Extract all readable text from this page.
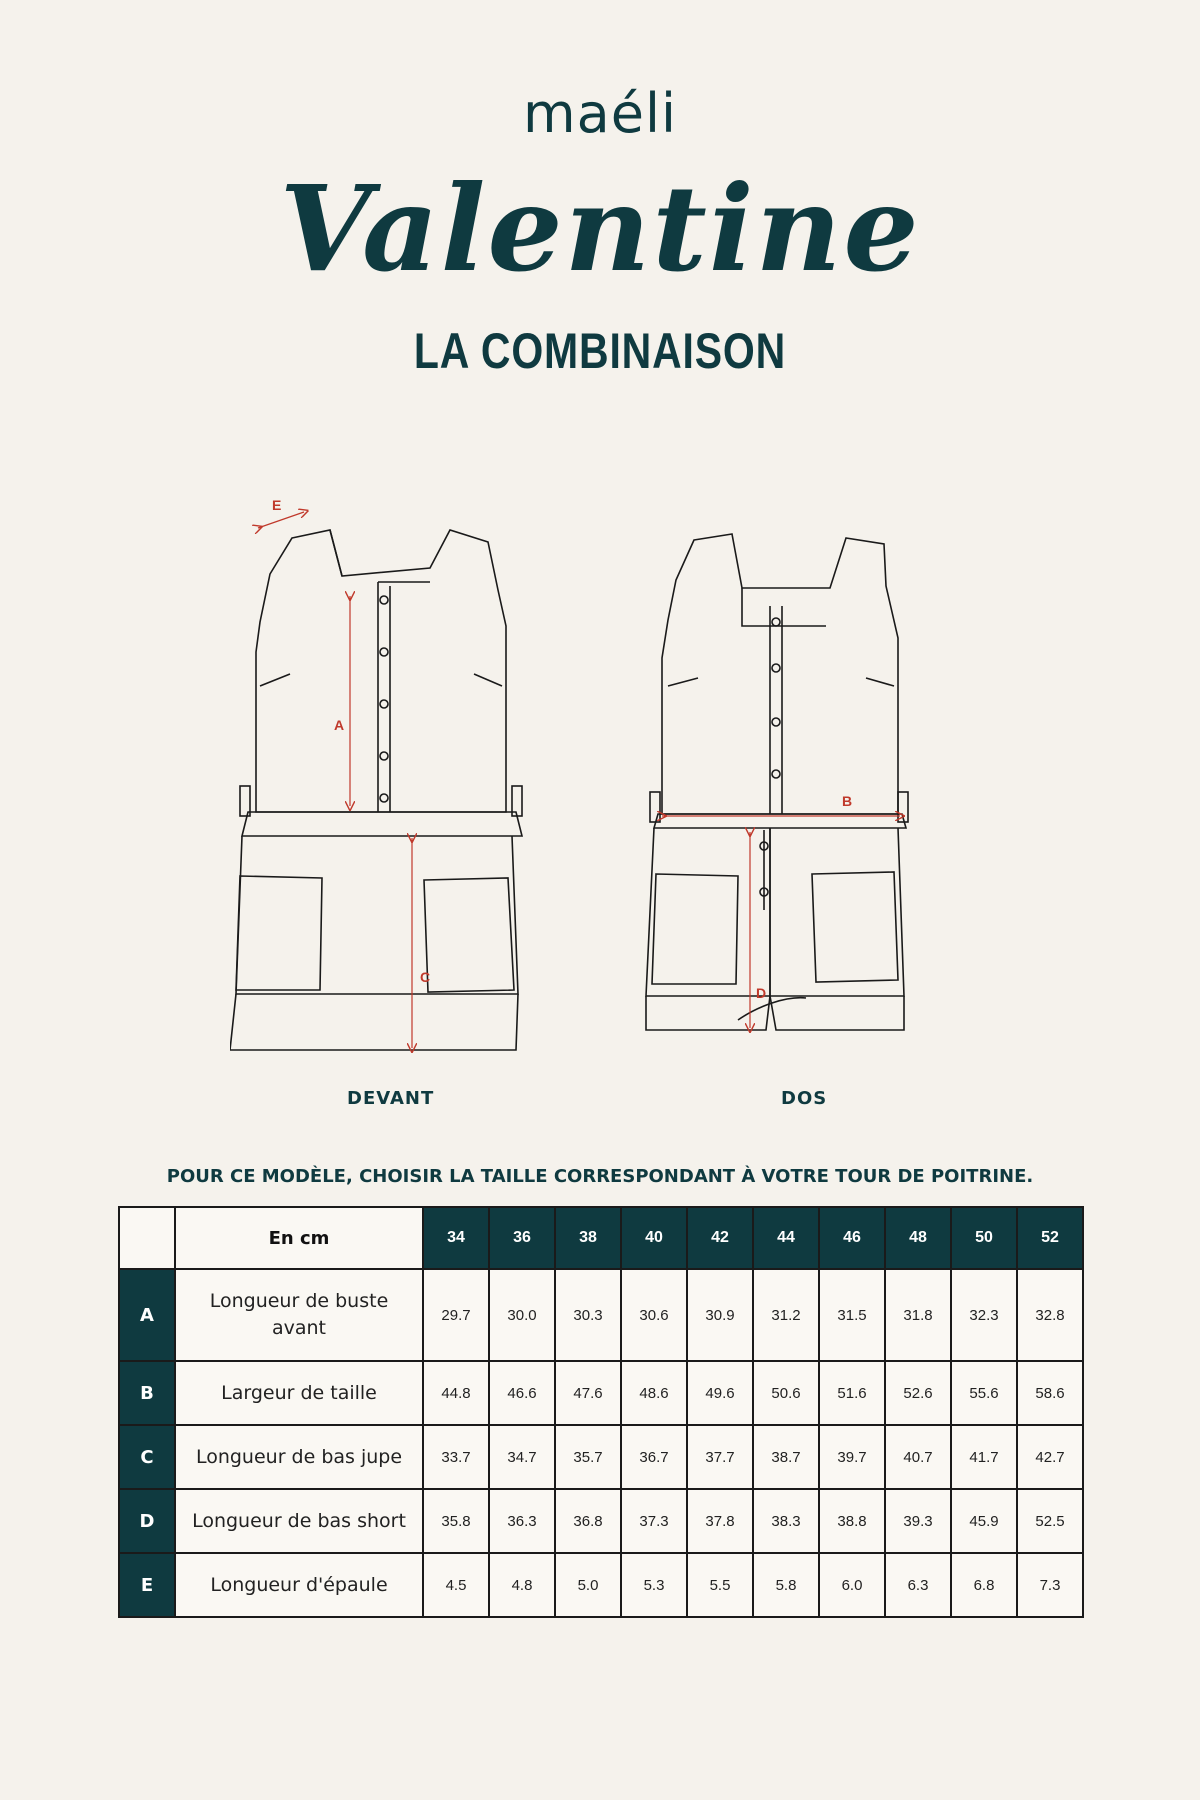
maéli
Valentine
LA COMBINAISON
E
A
C
B
D
DEVANT	DOS
POUR CE MODÈLE, CHOISIR LA TAILLE CORRESPONDANT À VOTRE TOUR DE POITRINE.
	En cm	34	36	38	40	42	44	46	48	50	52
A	Longueur de buste avant	29.7	30.0	30.3	30.6	30.9	31.2	31.5	31.8	32.3	32.8
B	Largeur de taille	44.8	46.6	47.6	48.6	49.6	50.6	51.6	52.6	55.6	58.6
C	Longueur de bas jupe	33.7	34.7	35.7	36.7	37.7	38.7	39.7	40.7	41.7	42.7
D	Longueur de bas short	35.8	36.3	36.8	37.3	37.8	38.3	38.8	39.3	45.9	52.5
E	Longueur d'épaule	4.5	4.8	5.0	5.3	5.5	5.8	6.0	6.3	6.8	7.3
